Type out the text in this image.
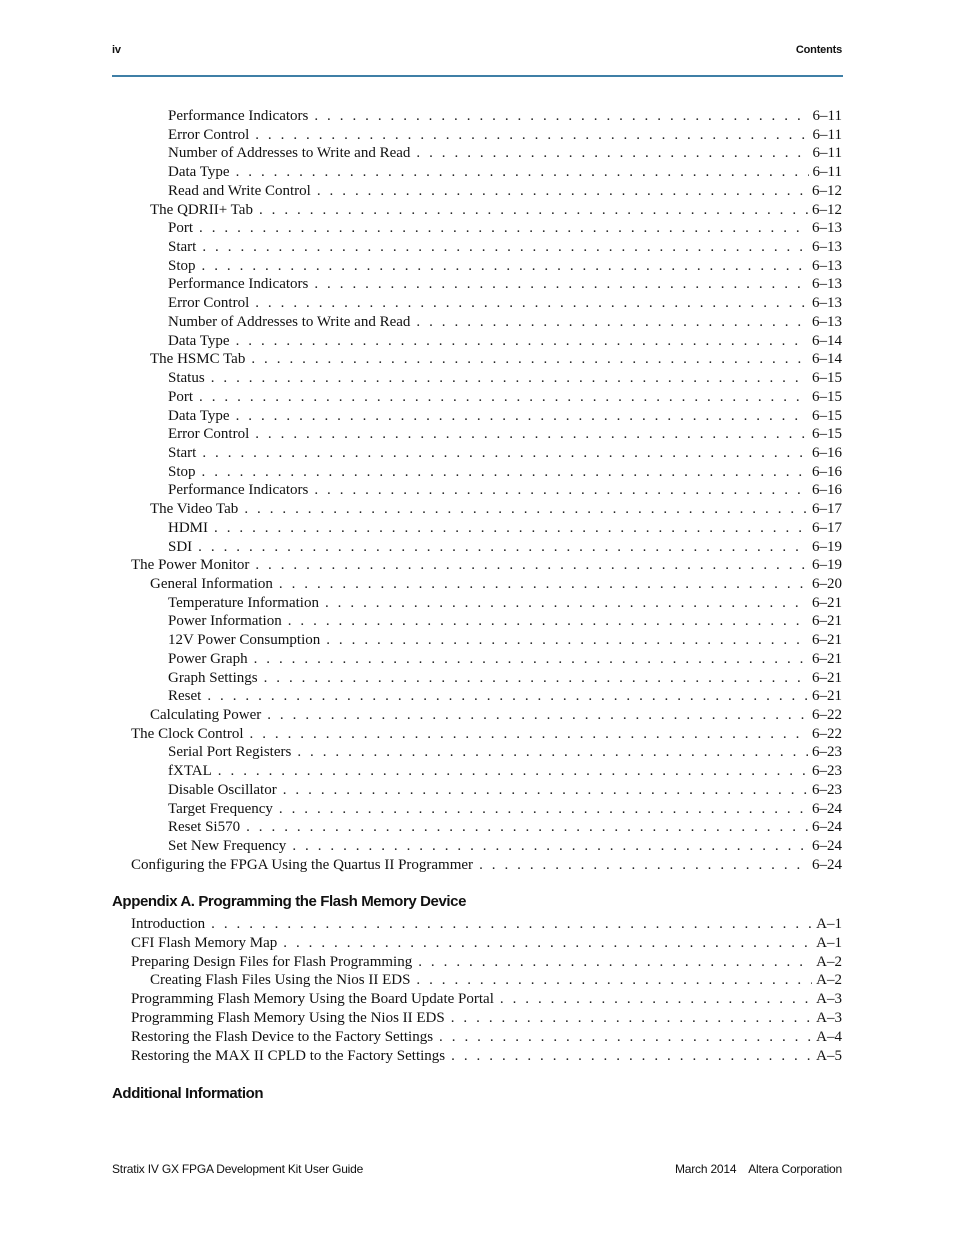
iv	Contents
Performance Indicators . . .	6–11
Error Control . . .	6–11
Number of Addresses to Write and Read . . .	6–11
Data Type . . .	6–11
Read and Write Control . . .	6–12
The QDRII+ Tab . . .	6–12
Port . . .	6–13
Start . . .	6–13
Stop . . .	6–13
Performance Indicators . . .	6–13
Error Control . . .	6–13
Number of Addresses to Write and Read . . .	6–13
Data Type . . .	6–14
The HSMC Tab . . .	6–14
Status . . .	6–15
Port . . .	6–15
Data Type . . .	6–15
Error Control . . .	6–15
Start . . .	6–16
Stop . . .	6–16
Performance Indicators . . .	6–16
The Video Tab . . .	6–17
HDMI . . .	6–17
SDI . . .	6–19
The Power Monitor . . .	6–19
General Information . . .	6–20
Temperature Information . . .	6–21
Power Information . . .	6–21
12V Power Consumption . . .	6–21
Power Graph . . .	6–21
Graph Settings . . .	6–21
Reset . . .	6–21
Calculating Power . . .	6–22
The Clock Control . . .	6–22
Serial Port Registers . . .	6–23
fXTAL . . .	6–23
Disable Oscillator . . .	6–23
Target Frequency . . .	6–24
Reset Si570 . . .	6–24
Set New Frequency . . .	6–24
Configuring the FPGA Using the Quartus II Programmer . . .	6–24
Appendix A. Programming the Flash Memory Device
Introduction . . .	A–1
CFI Flash Memory Map . . .	A–1
Preparing Design Files for Flash Programming . . .	A–2
Creating Flash Files Using the Nios II EDS . . .	A–2
Programming Flash Memory Using the Board Update Portal . . .	A–3
Programming Flash Memory Using the Nios II EDS . . .	A–3
Restoring the Flash Device to the Factory Settings . . .	A–4
Restoring the MAX II CPLD to the Factory Settings . . .	A–5
Additional Information
Stratix IV GX FPGA Development Kit User Guide	March 2014    Altera Corporation
